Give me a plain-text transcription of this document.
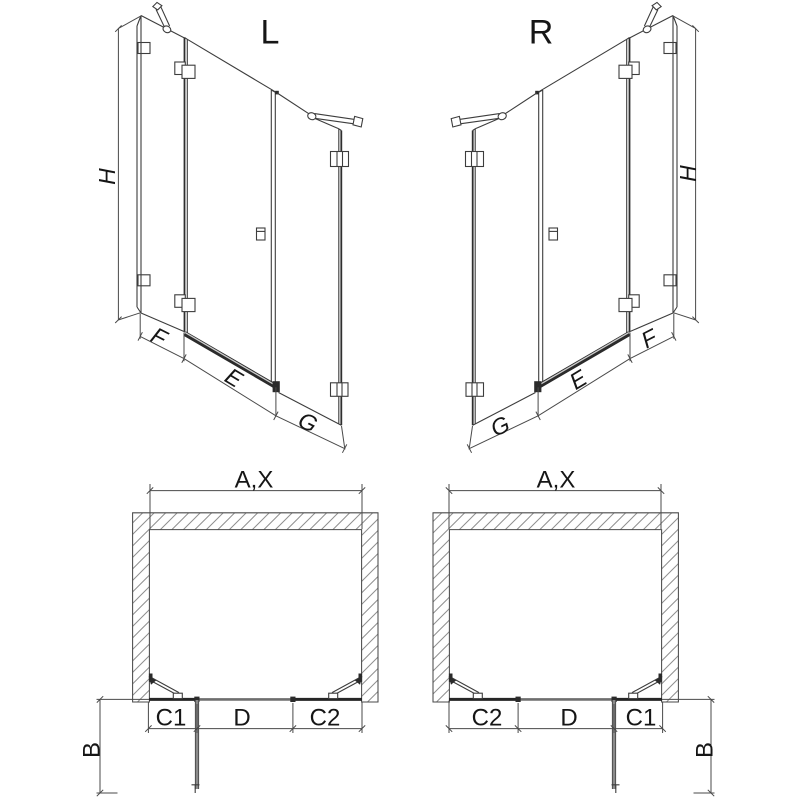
L	R
H	H
F
E
G	G
E
F
A,X	A,X
C1 D C2	C2 D C1
B	B
